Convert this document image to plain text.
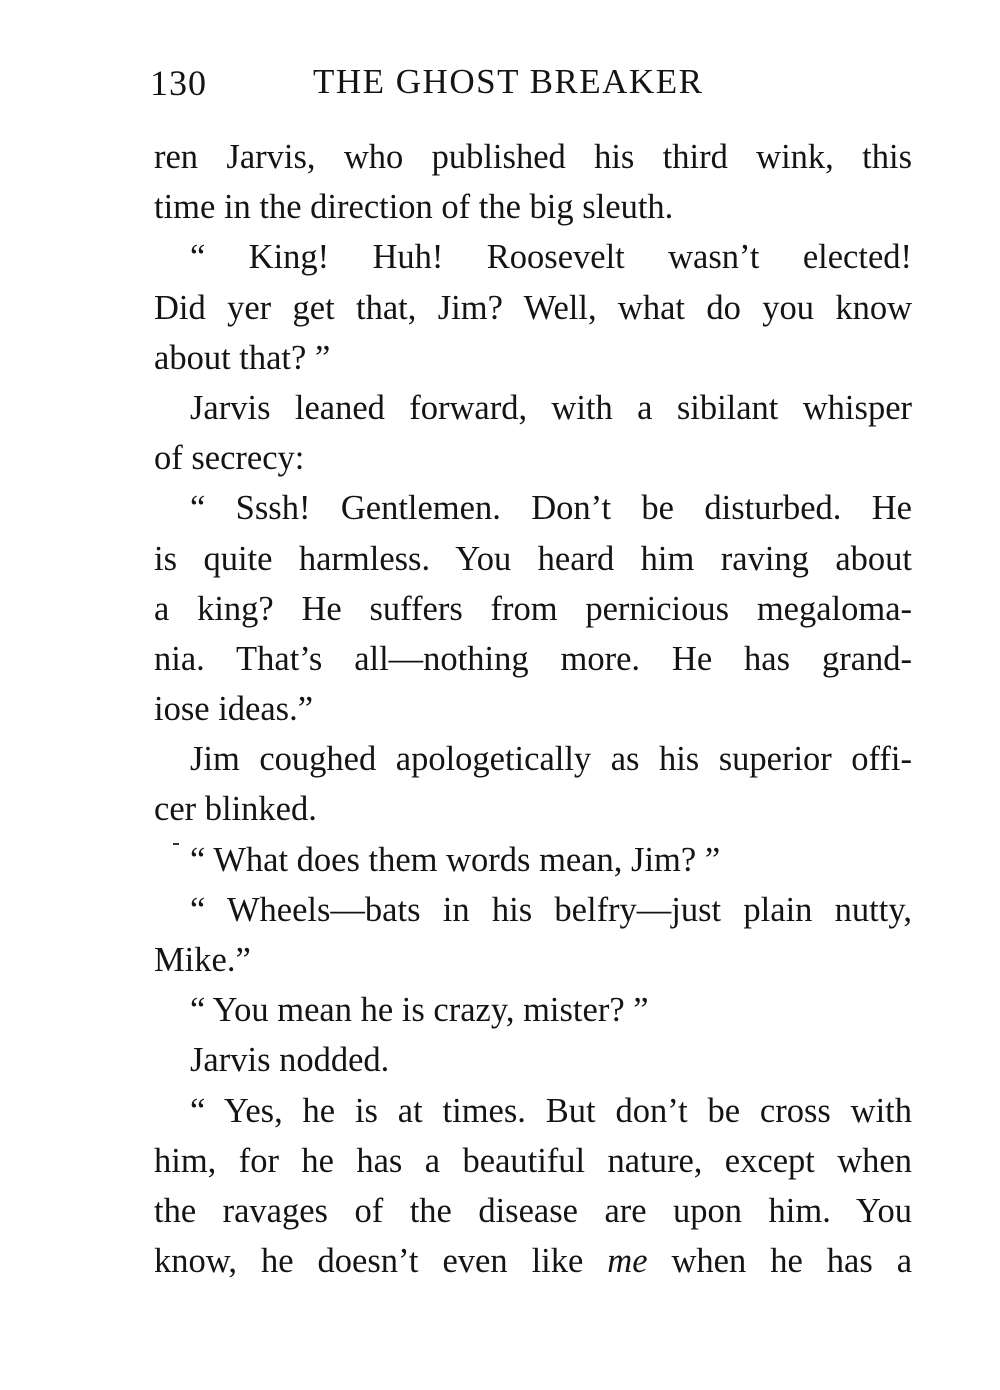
130	THE GHOST BREAKER
ren Jarvis, who published his third wink, this
time in the direction of the big sleuth.
“ King! Huh! Roosevelt wasn’t elected!
Did yer get that, Jim? Well, what do you know
about that? ”
Jarvis leaned forward, with a sibilant whisper
of secrecy:
“ Sssh! Gentlemen. Don’t be disturbed. He
is quite harmless. You heard him raving about
a king? He suffers from pernicious megaloma-
nia. That’s all—nothing more. He has grand-
iose ideas.”
Jim coughed apologetically as his superior offi-
cer blinked.
“ What does them words mean, Jim? ”
“ Wheels—bats in his belfry—just plain nutty,
Mike.”
“ You mean he is crazy, mister? ”
Jarvis nodded.
“ Yes, he is at times. But don’t be cross with
him, for he has a beautiful nature, except when
the ravages of the disease are upon him. You
know, he doesn’t even like me when he has a
